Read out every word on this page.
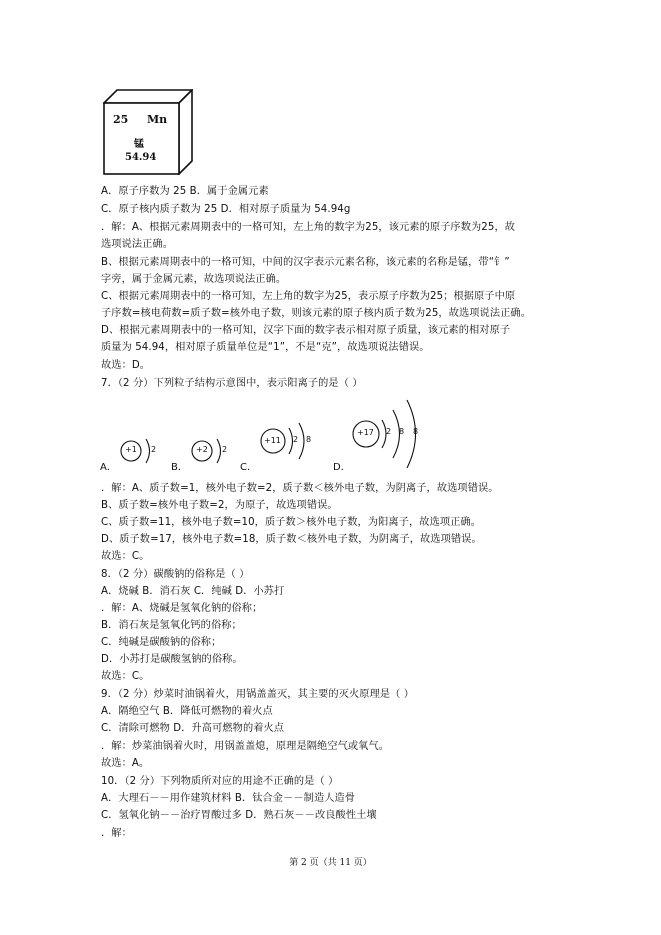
25 Mn
锰
54.94
A．原子序数为 25 B．属于金属元素
C．原子核内质子数为 25 D．相对原子质量为 54.94g
．解：A、根据元素周期表中的一格可知，左上角的数字为25，该元素的原子序数为25，故
选项说法正确。
B、根据元素周期表中的一格可知，中间的汉字表示元素名称，该元素的名称是锰，带“钅”
字旁，属于金属元素，故选项说法正确。
C、根据元素周期表中的一格可知，左上角的数字为25，表示原子序数为25；根据原子中原
子序数=核电荷数=质子数=核外电子数，则该元素的原子核内质子数为25，故选项说法正确。
D、根据元素周期表中的一格可知，汉字下面的数字表示相对原子质量，该元素的相对原子
质量为 54.94，相对原子质量单位是“1”，不是“克”，故选项说法错误。
故选：D。
7．（2 分）下列粒子结构示意图中，表示阳离子的是（ ）
A．
+1 2
B．
+2 2
C．
+11 2 8
D．
+17 2 8 8
．解：A、质子数=1，核外电子数=2，质子数＜核外电子数，为阴离子，故选项错误。
B、质子数=核外电子数=2，为原子，故选项错误。
C、质子数=11，核外电子数=10，质子数＞核外电子数，为阳离子，故选项正确。
D、质子数=17，核外电子数=18，质子数＜核外电子数，为阴离子，故选项错误。
故选：C。
8．（2 分）碳酸钠的俗称是（ ）
A．烧碱 B．消石灰 C．纯碱 D．小苏打
．解：A、烧碱是氢氧化钠的俗称；
B．消石灰是氢氧化钙的俗称；
C．纯碱是碳酸钠的俗称；
D．小苏打是碳酸氢钠的俗称。
故选：C。
9．（2 分）炒菜时油锅着火，用锅盖盖灭，其主要的灭火原理是（ ）
A．隔绝空气 B．降低可燃物的着火点
C．清除可燃物 D．升高可燃物的着火点
．解：炒菜油锅着火时，用锅盖盖熄，原理是隔绝空气或氧气。
故选：A。
10．（2 分）下列物质所对应的用途不正确的是（ ）
A．大理石－－用作建筑材料 B．钛合金－－制造人造骨
C．氢氧化钠－－治疗胃酸过多 D．熟石灰－－改良酸性土壤
．解：
第 2 页（共 11 页）
